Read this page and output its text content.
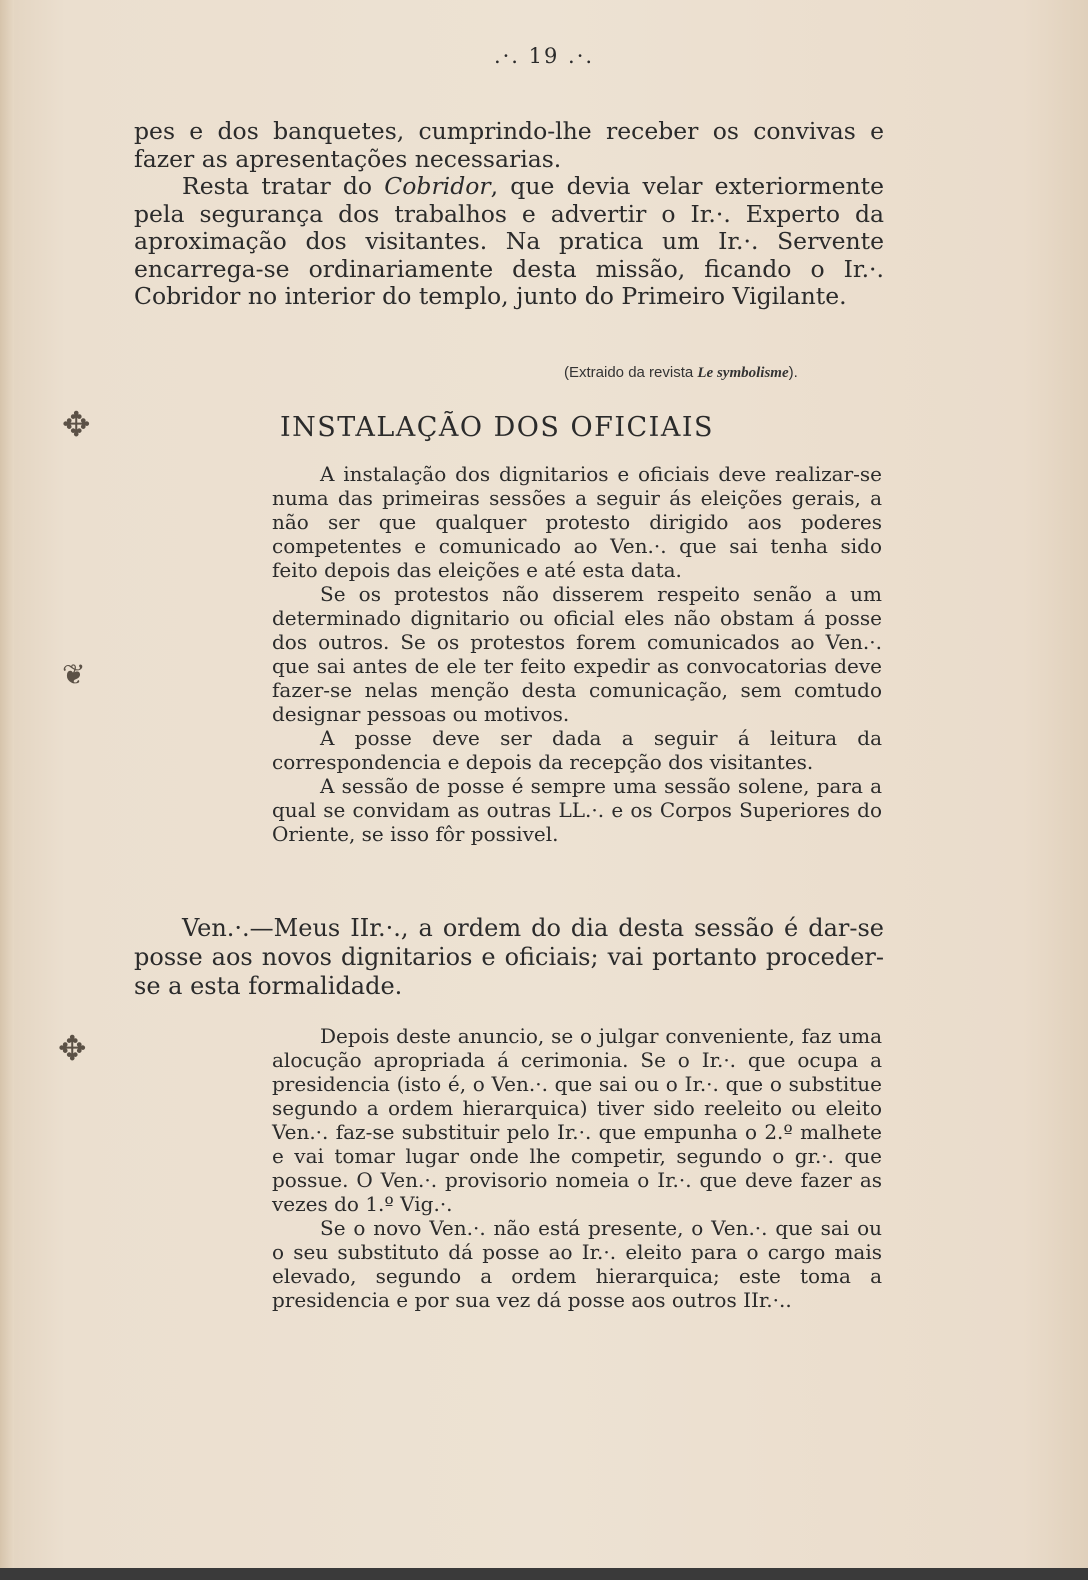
.·. 19 .·.

pes e dos banquetes, cumprindo-lhe receber os convivas e fazer as apresentações necessarias.

Resta tratar do Cobridor, que devia velar exteriormente pela segurança dos trabalhos e advertir o Ir.·. Experto da aproximação dos visitantes. Na pratica um Ir.·. Servente encarrega-se ordinariamente desta missão, ficando o Ir.·. Cobridor no interior do templo, junto do Primeiro Vigilante.

(Extraido da revista Le symbolisme).
✥	INSTALAÇÃO DOS OFICIAIS

A instalação dos dignitarios e oficiais deve realizar-se numa das primeiras sessões a seguir ás eleições gerais, a não ser que qualquer protesto dirigido aos poderes competentes e comunicado ao Ven.·. que sai tenha sido feito depois das eleições e até esta data.

Se os protestos não disserem respeito senão a um determinado dignitario ou oficial eles não obstam á posse dos outros. Se os protestos forem comunicados ao Ven.·. que sai antes de ele ter feito expedir as convocatorias deve fazer-se nelas menção desta comunicação, sem comtudo designar pessoas ou motivos.

A posse deve ser dada a seguir á leitura da correspondencia e depois da recepção dos visitantes.

A sessão de posse é sempre uma sessão solene, para a qual se convidam as outras LL.·. e os Corpos Superiores do Oriente, se isso fôr possivel.

❦

Ven.·.—Meus IIr.·., a ordem do dia desta sessão é dar-se posse aos novos dignitarios e oficiais; vai portanto proceder-se a esta formalidade.

✥	Depois deste anuncio, se o julgar conveniente, faz uma alocução apropriada á cerimonia. Se o Ir.·. que ocupa a presidencia (isto é, o Ven.·. que sai ou o Ir.·. que o substitue segundo a ordem hierarquica) tiver sido reeleito ou eleito Ven.·. faz-se substituir pelo Ir.·. que empunha o 2.º malhete e vai tomar lugar onde lhe competir, segundo o gr.·. que possue. O Ven.·. provisorio nomeia o Ir.·. que deve fazer as vezes do 1.º Vig.·.

Se o novo Ven.·. não está presente, o Ven.·. que sai ou o seu substituto dá posse ao Ir.·. eleito para o cargo mais elevado, segundo a ordem hierarquica; este toma a presidencia e por sua vez dá posse aos outros IIr.·..
